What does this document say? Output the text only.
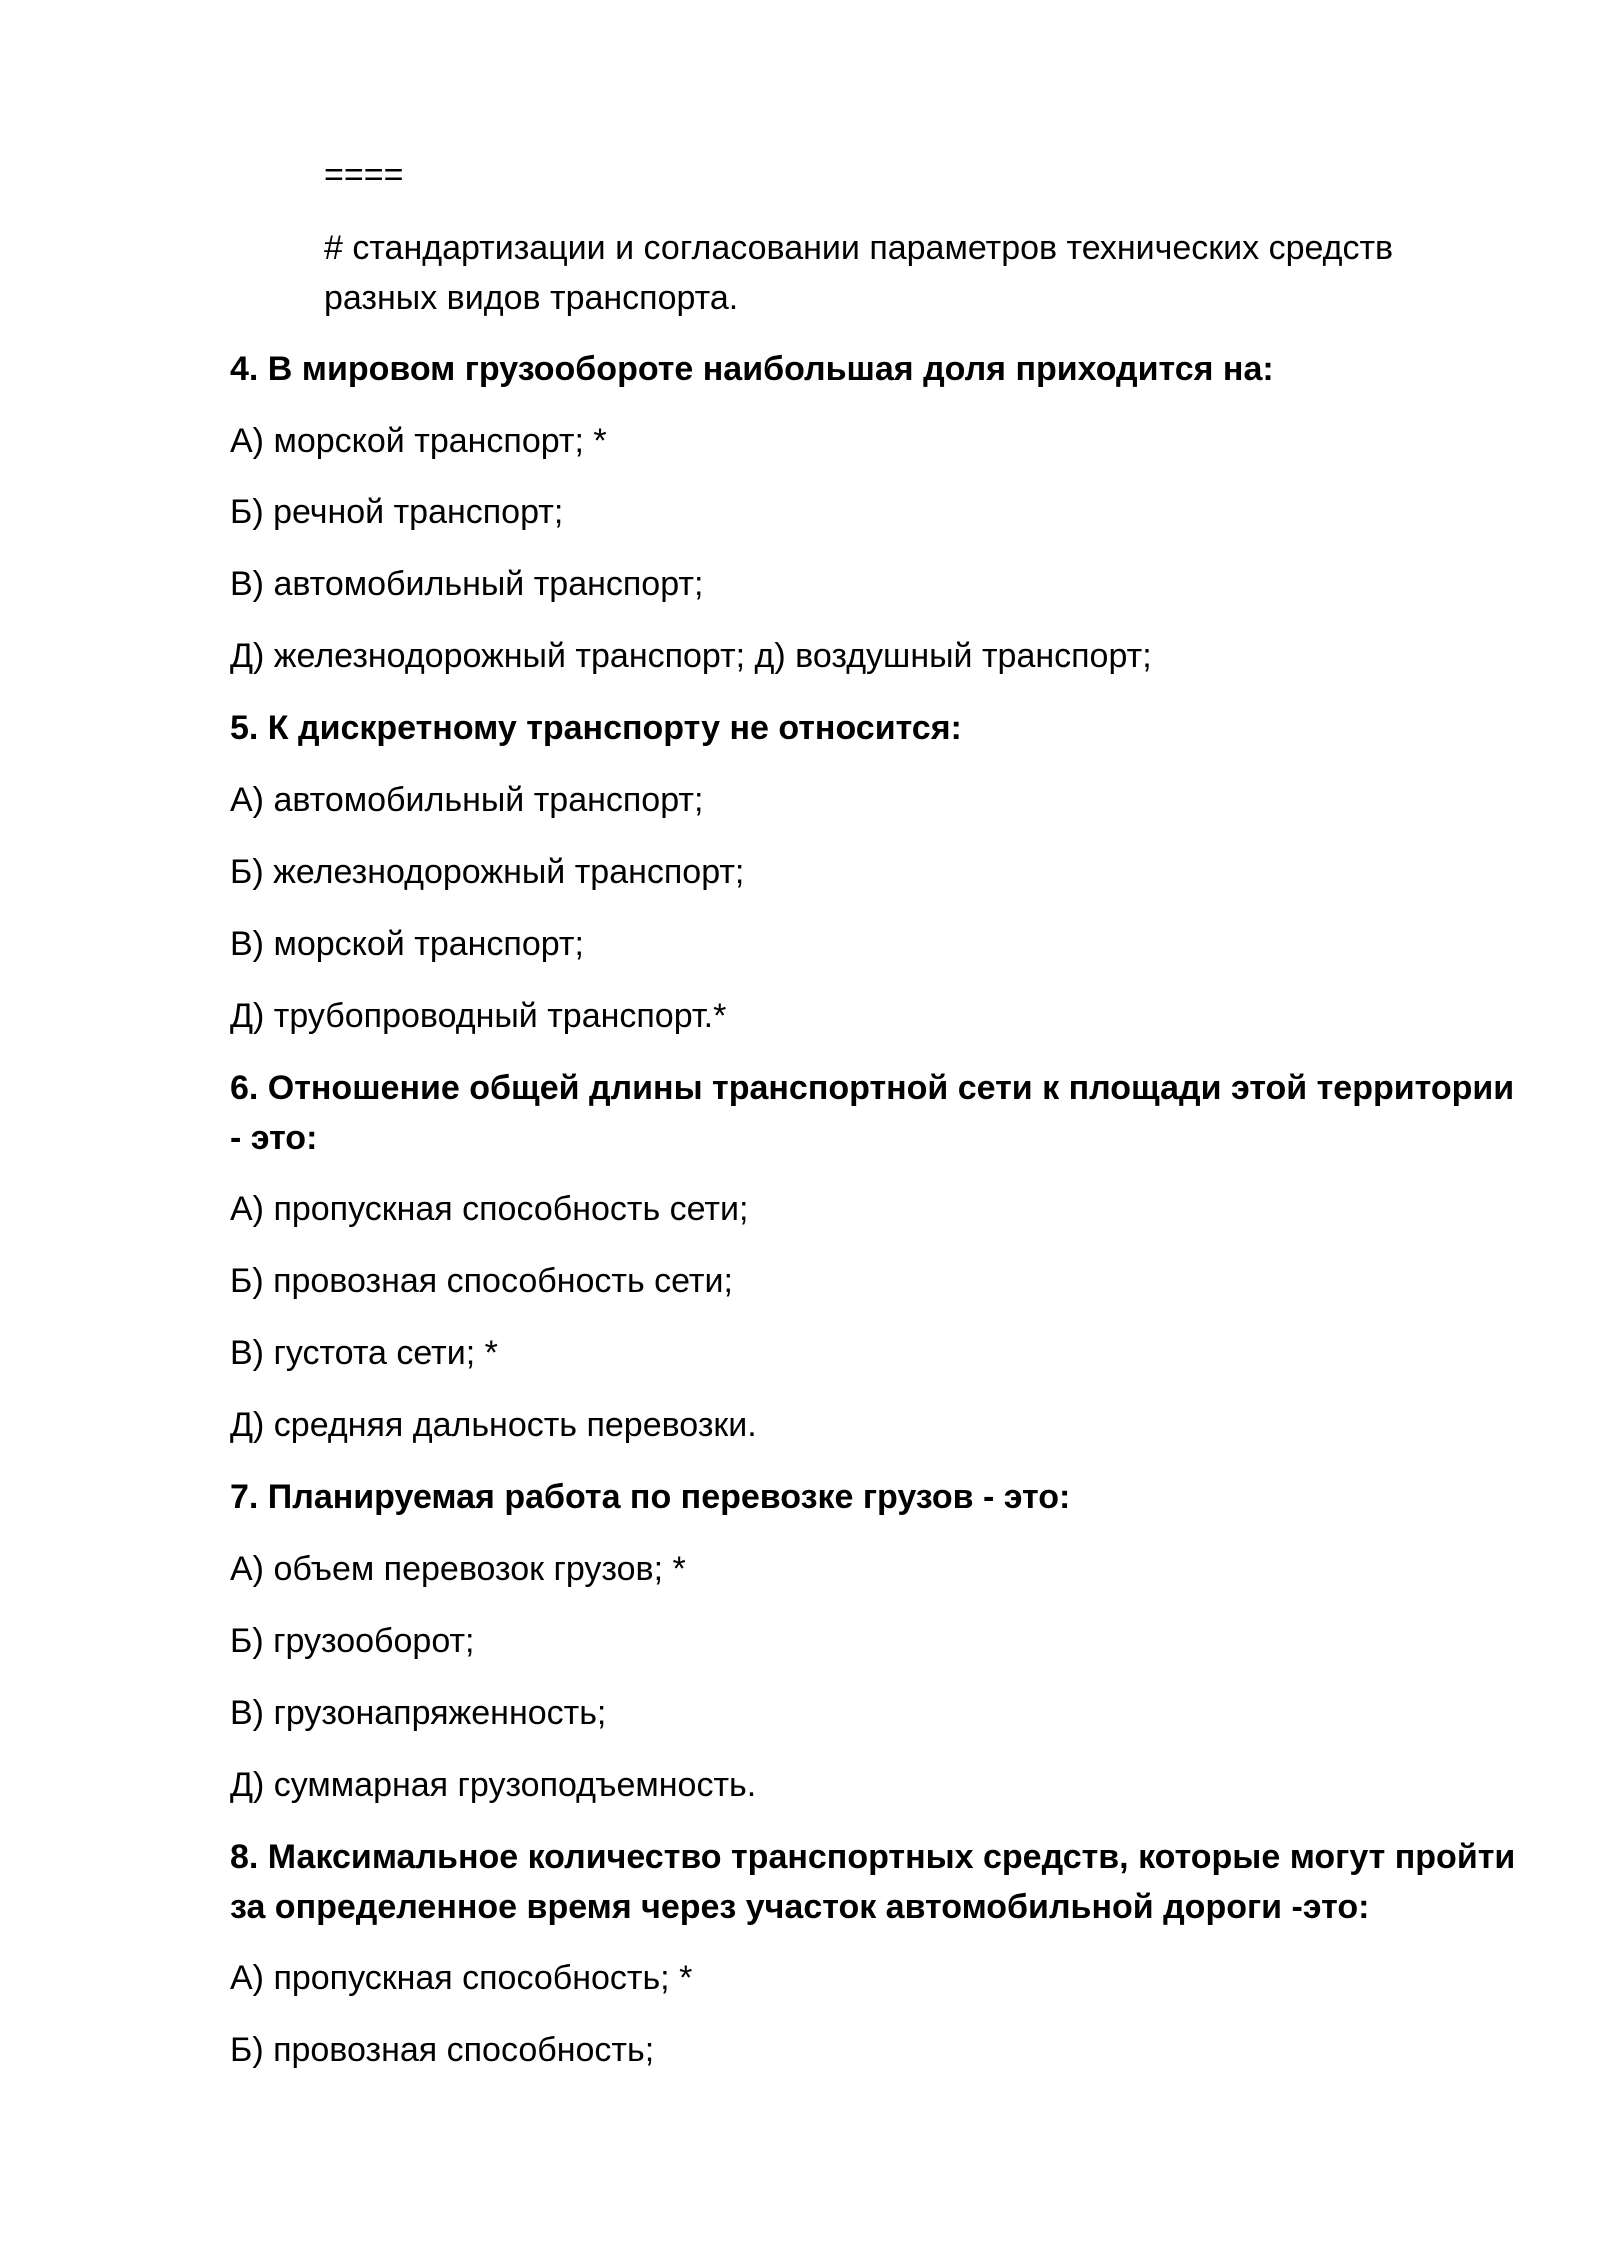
====
# стандартизации и согласовании параметров технических средств
разных видов транспорта.
4. В мировом грузообороте наибольшая доля приходится на:
А) морской транспорт; *
Б) речной транспорт;
В) автомобильный транспорт;
Д) железнодорожный транспорт; д) воздушный транспорт;
5. К дискретному транспорту не относится:
А) автомобильный транспорт;
Б) железнодорожный транспорт;
В) морской транспорт;
Д) трубопроводный транспорт.*
6. Отношение общей длины транспортной сети к площади этой территории
- это:
А) пропускная способность сети;
Б) провозная способность сети;
В) густота сети; *
Д) средняя дальность перевозки.
7. Планируемая работа по перевозке грузов - это:
А) объем перевозок грузов; *
Б) грузооборот;
В) грузонапряженность;
Д) суммарная грузоподъемность.
8. Максимальное количество транспортных средств, которые могут пройти
за определенное время через участок автомобильной дороги -это:
А) пропускная способность; *
Б) провозная способность;
